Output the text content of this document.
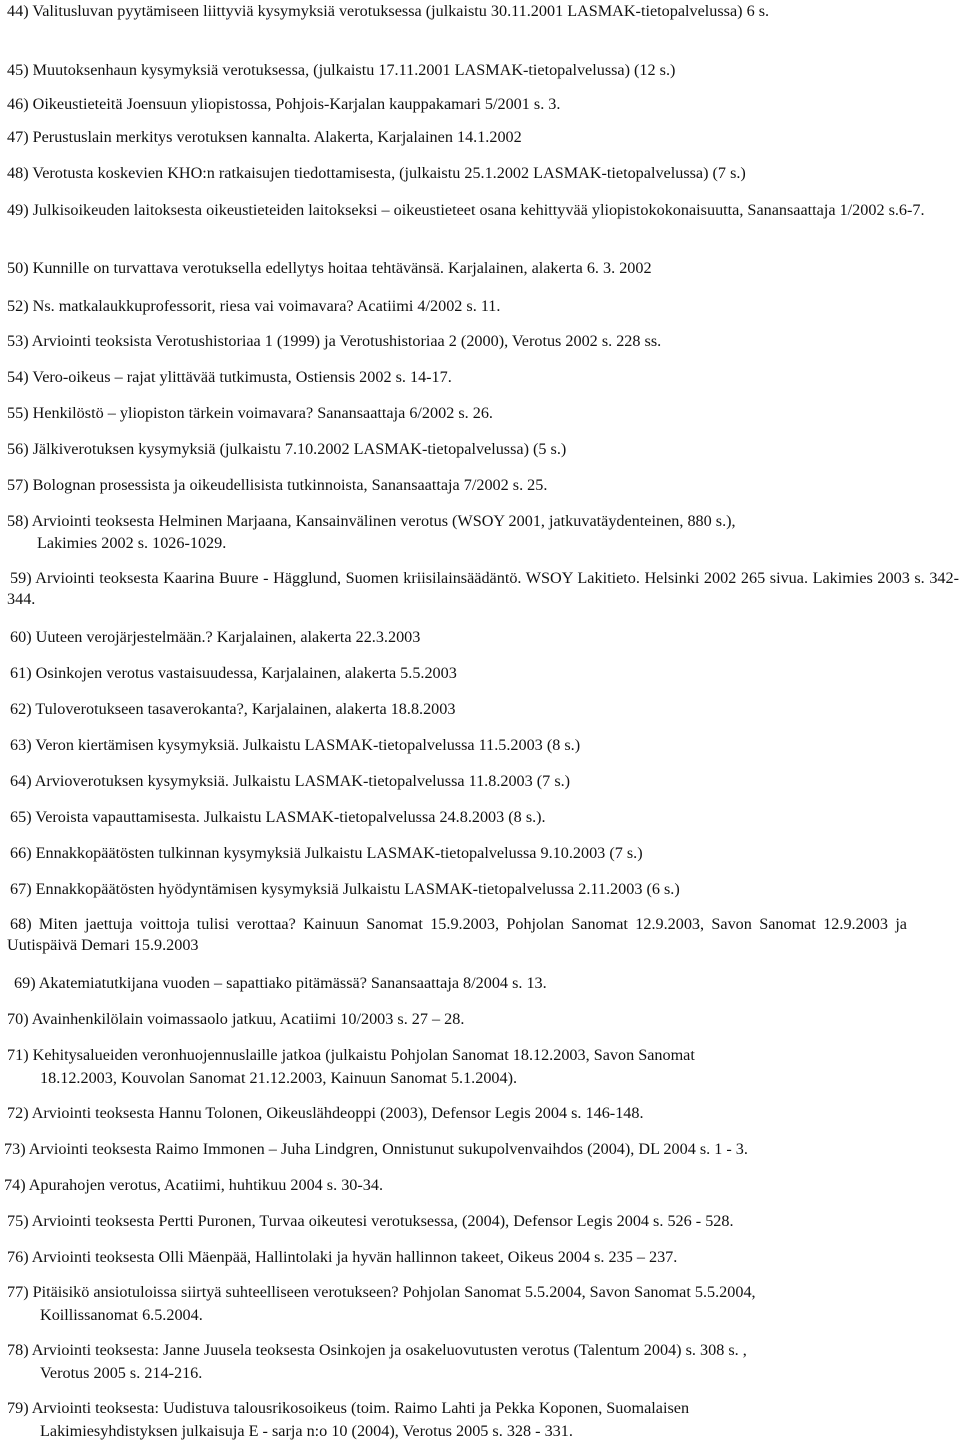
44) Valitusluvan pyytämiseen liittyviä kysymyksiä verotuksessa (julkaistu 30.11.2001 LASMAK-tietopalvelussa) 6 s.

45) Muutoksenhaun kysymyksiä verotuksessa, (julkaistu 17.11.2001 LASMAK-tietopalvelussa) (12 s.)

46) Oikeustieteitä Joensuun yliopistossa, Pohjois-Karjalan kauppakamari 5/2001 s. 3.

47) Perustuslain merkitys verotuksen kannalta. Alakerta, Karjalainen 14.1.2002

48) Verotusta koskevien KHO:n ratkaisujen tiedottamisesta, (julkaistu 25.1.2002 LASMAK-tietopalvelussa) (7 s.)

49) Julkisoikeuden laitoksesta oikeustieteiden laitokseksi – oikeustieteet osana kehittyvää yliopistokokonaisuutta, Sanansaattaja 1/2002 s.6-7.

50) Kunnille on turvattava verotuksella edellytys hoitaa tehtävänsä. Karjalainen, alakerta 6. 3. 2002

52) Ns. matkalaukkuprofessorit, riesa vai voimavara? Acatiimi 4/2002 s. 11.

53) Arviointi teoksista Verotushistoriaa 1 (1999) ja Verotushistoriaa 2 (2000), Verotus 2002 s. 228 ss.

54) Vero-oikeus – rajat ylittävää tutkimusta, Ostiensis 2002 s. 14-17.

55) Henkilöstö – yliopiston tärkein voimavara? Sanansaattaja 6/2002 s. 26.

56) Jälkiverotuksen kysymyksiä (julkaistu 7.10.2002 LASMAK-tietopalvelussa) (5 s.)

57) Bolognan prosessista ja oikeudellisista tutkinnoista, Sanansaattaja 7/2002 s. 25.

58) Arviointi teoksesta Helminen Marjaana, Kansainvälinen verotus (WSOY 2001, jatkuvatäydenteinen, 880 s.),

Lakimies 2002 s. 1026-1029.

59) Arviointi teoksesta Kaarina Buure - Hägglund, Suomen kriisilainsäädäntö. WSOY Lakitieto. Helsinki 2002 265 sivua. Lakimies 2003 s. 342-344.

60) Uuteen verojärjestelmään.? Karjalainen, alakerta 22.3.2003

61) Osinkojen verotus vastaisuudessa, Karjalainen, alakerta 5.5.2003

62) Tuloverotukseen tasaverokanta?, Karjalainen, alakerta 18.8.2003

63) Veron kiertämisen kysymyksiä. Julkaistu LASMAK-tietopalvelussa 11.5.2003 (8 s.)

64) Arvioverotuksen kysymyksiä. Julkaistu LASMAK-tietopalvelussa 11.8.2003 (7 s.)

65) Veroista vapauttamisesta. Julkaistu LASMAK-tietopalvelussa 24.8.2003 (8 s.).

66) Ennakkopäätösten tulkinnan kysymyksiä Julkaistu LASMAK-tietopalvelussa 9.10.2003 (7 s.)

67) Ennakkopäätösten hyödyntämisen kysymyksiä Julkaistu LASMAK-tietopalvelussa 2.11.2003 (6 s.)

68) Miten jaettuja voittoja tulisi verottaa? Kainuun Sanomat 15.9.2003, Pohjolan Sanomat 12.9.2003, Savon Sanomat 12.9.2003 ja Uutispäivä Demari 15.9.2003

69) Akatemiatutkijana vuoden – sapattiako pitämässä? Sanansaattaja 8/2004 s. 13.

70) Avainhenkilölain voimassaolo jatkuu, Acatiimi 10/2003 s. 27 – 28.

71) Kehitysalueiden veronhuojennuslaille jatkoa (julkaistu Pohjolan Sanomat 18.12.2003, Savon Sanomat

18.12.2003, Kouvolan Sanomat 21.12.2003, Kainuun Sanomat 5.1.2004).

72) Arviointi teoksesta Hannu Tolonen, Oikeuslähdeoppi (2003), Defensor Legis 2004 s. 146-148.

73) Arviointi teoksesta Raimo Immonen – Juha Lindgren, Onnistunut sukupolvenvaihdos (2004), DL 2004 s. 1 - 3.

74) Apurahojen verotus, Acatiimi, huhtikuu 2004 s. 30-34.

75) Arviointi teoksesta Pertti Puronen, Turvaa oikeutesi verotuksessa, (2004), Defensor Legis 2004 s. 526 - 528.

76) Arviointi teoksesta Olli Mäenpää, Hallintolaki ja hyvän hallinnon takeet, Oikeus 2004 s. 235 – 237.

77) Pitäisikö ansiotuloissa siirtyä suhteelliseen verotukseen? Pohjolan Sanomat 5.5.2004, Savon Sanomat 5.5.2004,

Koillissanomat 6.5.2004.

78) Arviointi teoksesta: Janne Juusela teoksesta Osinkojen ja osakeluovutusten verotus (Talentum 2004) s. 308 s. ,

Verotus 2005 s. 214-216.

79) Arviointi teoksesta: Uudistuva talousrikosoikeus (toim. Raimo Lahti ja Pekka Koponen, Suomalaisen

Lakimiesyhdistyksen julkaisuja E - sarja n:o 10 (2004), Verotus 2005 s. 328 - 331.
